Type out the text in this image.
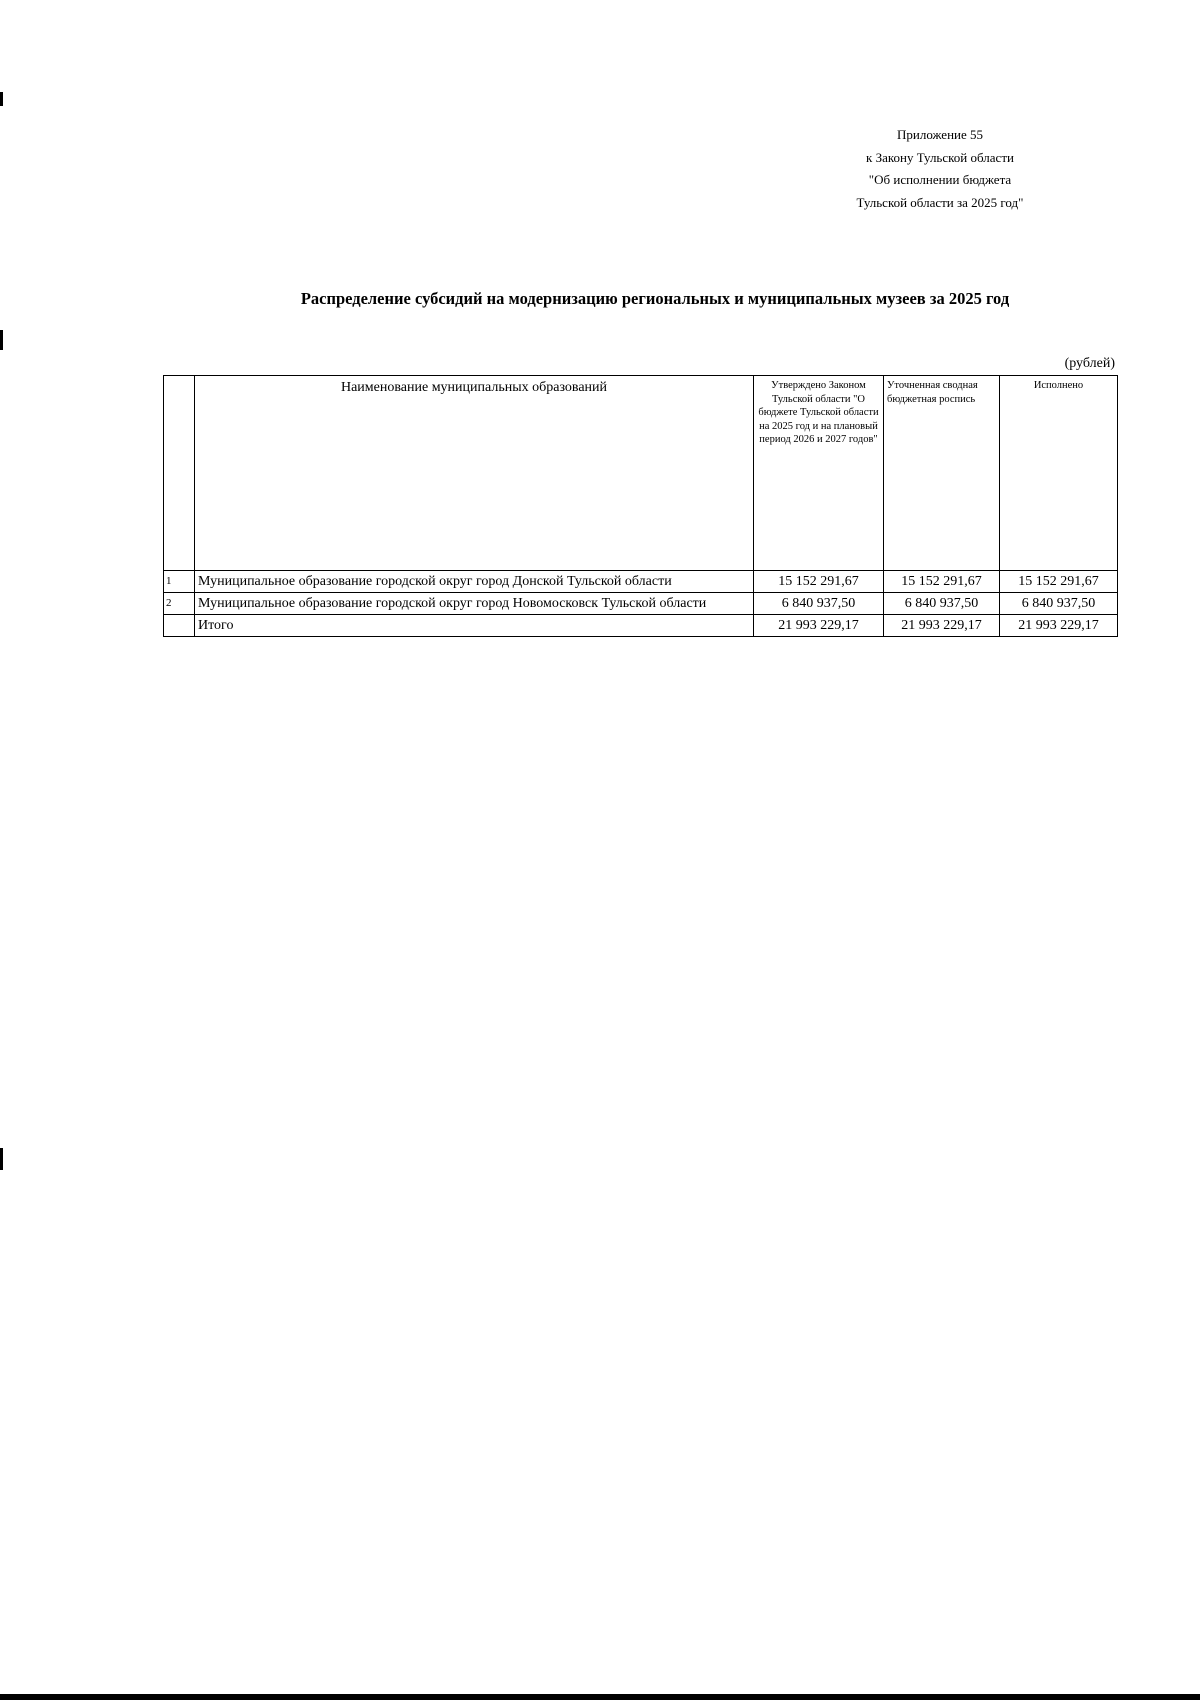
Приложение 55
к Закону Тульской области
"Об исполнении бюджета
Тульской области за 2025 год"
Распределение субсидий на модернизацию региональных и муниципальных музеев за 2025 год
(рублей)
	Наименование муниципальных образований	Утверждено Законом Тульской области "О бюджете Тульской области на 2025 год и на плановый период 2026 и 2027 годов"	Уточненная сводная бюджетная роспись	Исполнено
1	Муниципальное образование городской округ город Донской Тульской области	15 152 291,67	15 152 291,67	15 152 291,67
2	Муниципальное образование городской округ город Новомосковск Тульской области	6 840 937,50	6 840 937,50	6 840 937,50
	Итого	21 993 229,17	21 993 229,17	21 993 229,17
